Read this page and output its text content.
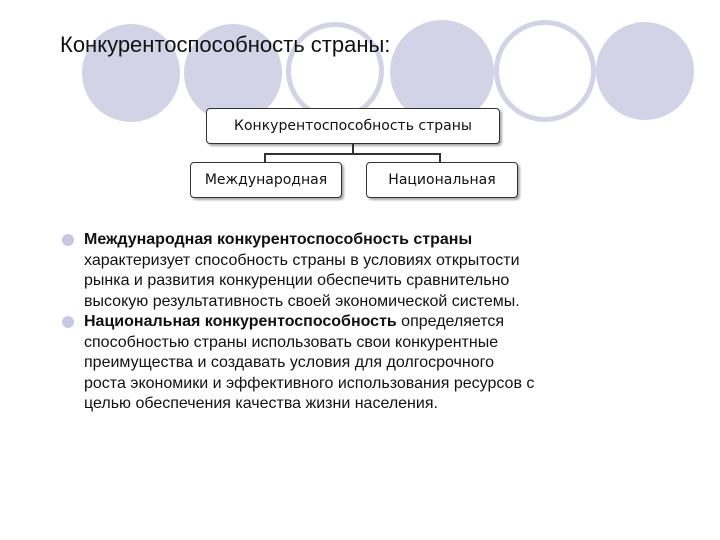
Конкурентоспособность страны:
Конкурентоспособность страны
Международная	Национальная
Международная конкурентоспособность страны
характеризует способность страны в условиях открытости
рынка и развития конкуренции обеспечить сравнительно
высокую результативность своей экономической системы.
Национальная конкурентоспособность определяется
способностью страны использовать свои конкурентные
преимущества и создавать условия для долгосрочного
роста экономики и эффективного использования ресурсов с
целью обеспечения качества жизни населения.
